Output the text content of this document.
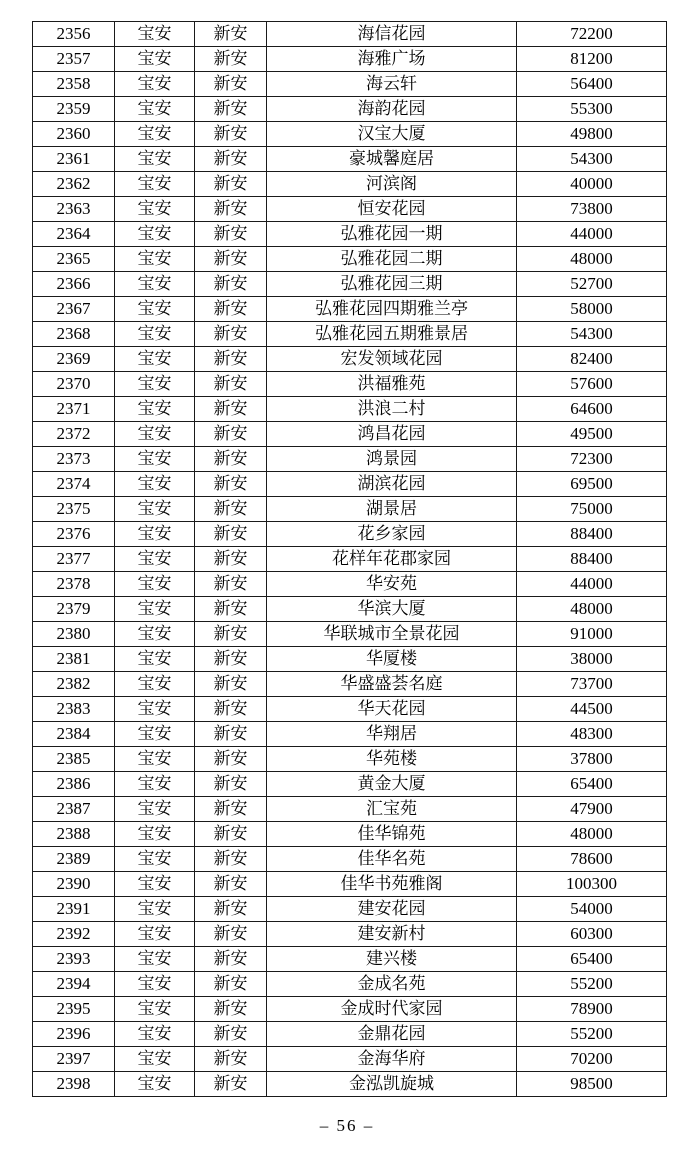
2356	宝安	新安	海信花园	72200
2357	宝安	新安	海雅广场	81200
2358	宝安	新安	海云轩	56400
2359	宝安	新安	海韵花园	55300
2360	宝安	新安	汉宝大厦	49800
2361	宝安	新安	豪城馨庭居	54300
2362	宝安	新安	河滨阁	40000
2363	宝安	新安	恒安花园	73800
2364	宝安	新安	弘雅花园一期	44000
2365	宝安	新安	弘雅花园二期	48000
2366	宝安	新安	弘雅花园三期	52700
2367	宝安	新安	弘雅花园四期雅兰亭	58000
2368	宝安	新安	弘雅花园五期雅景居	54300
2369	宝安	新安	宏发领域花园	82400
2370	宝安	新安	洪福雅苑	57600
2371	宝安	新安	洪浪二村	64600
2372	宝安	新安	鸿昌花园	49500
2373	宝安	新安	鸿景园	72300
2374	宝安	新安	湖滨花园	69500
2375	宝安	新安	湖景居	75000
2376	宝安	新安	花乡家园	88400
2377	宝安	新安	花样年花郡家园	88400
2378	宝安	新安	华安苑	44000
2379	宝安	新安	华滨大厦	48000
2380	宝安	新安	华联城市全景花园	91000
2381	宝安	新安	华厦楼	38000
2382	宝安	新安	华盛盛荟名庭	73700
2383	宝安	新安	华天花园	44500
2384	宝安	新安	华翔居	48300
2385	宝安	新安	华苑楼	37800
2386	宝安	新安	黄金大厦	65400
2387	宝安	新安	汇宝苑	47900
2388	宝安	新安	佳华锦苑	48000
2389	宝安	新安	佳华名苑	78600
2390	宝安	新安	佳华书苑雅阁	100300
2391	宝安	新安	建安花园	54000
2392	宝安	新安	建安新村	60300
2393	宝安	新安	建兴楼	65400
2394	宝安	新安	金成名苑	55200
2395	宝安	新安	金成时代家园	78900
2396	宝安	新安	金鼎花园	55200
2397	宝安	新安	金海华府	70200
2398	宝安	新安	金泓凯旋城	98500
– 56 –
